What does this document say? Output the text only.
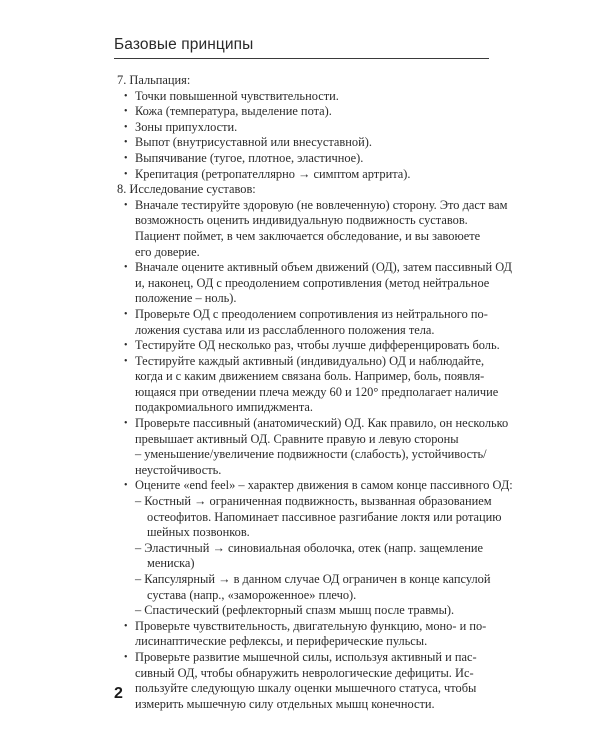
Базовые принципы
7. Пальпация:
• Точки повышенной чувствительности.
• Кожа (температура, выделение пота).
• Зоны припухлости.
• Выпот (внутрисуставной или внесуставной).
• Выпячивание (тугое, плотное, эластичное).
• Крепитация (ретропателлярно → симптом артрита).
8. Исследование суставов:
• Вначале тестируйте здоровую (не вовлеченную) сторону. Это даст вам
возможность оценить индивидуальную подвижность суставов.
Пациент поймет, в чем заключается обследование, и вы завоюете
его доверие.
• Вначале оцените активный объем движений (ОД), затем пассивный ОД
и, наконец, ОД с преодолением сопротивления (метод нейтральное
положение – ноль).
• Проверьте ОД с преодолением сопротивления из нейтрального по-
ложения сустава или из расслабленного положения тела.
• Тестируйте ОД несколько раз, чтобы лучше дифференцировать боль.
• Тестируйте каждый активный (индивидуально) ОД и наблюдайте,
когда и с каким движением связана боль. Например, боль, появля-
ющаяся при отведении плеча между 60 и 120° предполагает наличие
подакромиального импиджмента.
• Проверьте пассивный (анатомический) ОД. Как правило, он несколько
превышает активный ОД. Сравните правую и левую стороны
– уменьшение/увеличение подвижности (слабость), устойчивость/
неустойчивость.
• Оцените «end feel» – характер движения в самом конце пассивного ОД:
– Костный → ограниченная подвижность, вызванная образованием
остеофитов. Напоминает пассивное разгибание локтя или ротацию
шейных позвонков.
– Эластичный → синовиальная оболочка, отек (напр. защемление
мениска)
– Капсулярный → в данном случае ОД ограничен в конце капсулой
сустава (напр., «замороженное» плечо).
– Спастический (рефлекторный спазм мышц после травмы).
• Проверьте чувствительность, двигательную функцию, моно- и по-
лисинаптические рефлексы, и периферические пульсы.
• Проверьте развитие мышечной силы, используя активный и пас-
сивный ОД, чтобы обнаружить неврологические дефициты. Ис-
пользуйте следующую шкалу оценки мышечного статуса, чтобы
измерить мышечную силу отдельных мышц конечности.
2
